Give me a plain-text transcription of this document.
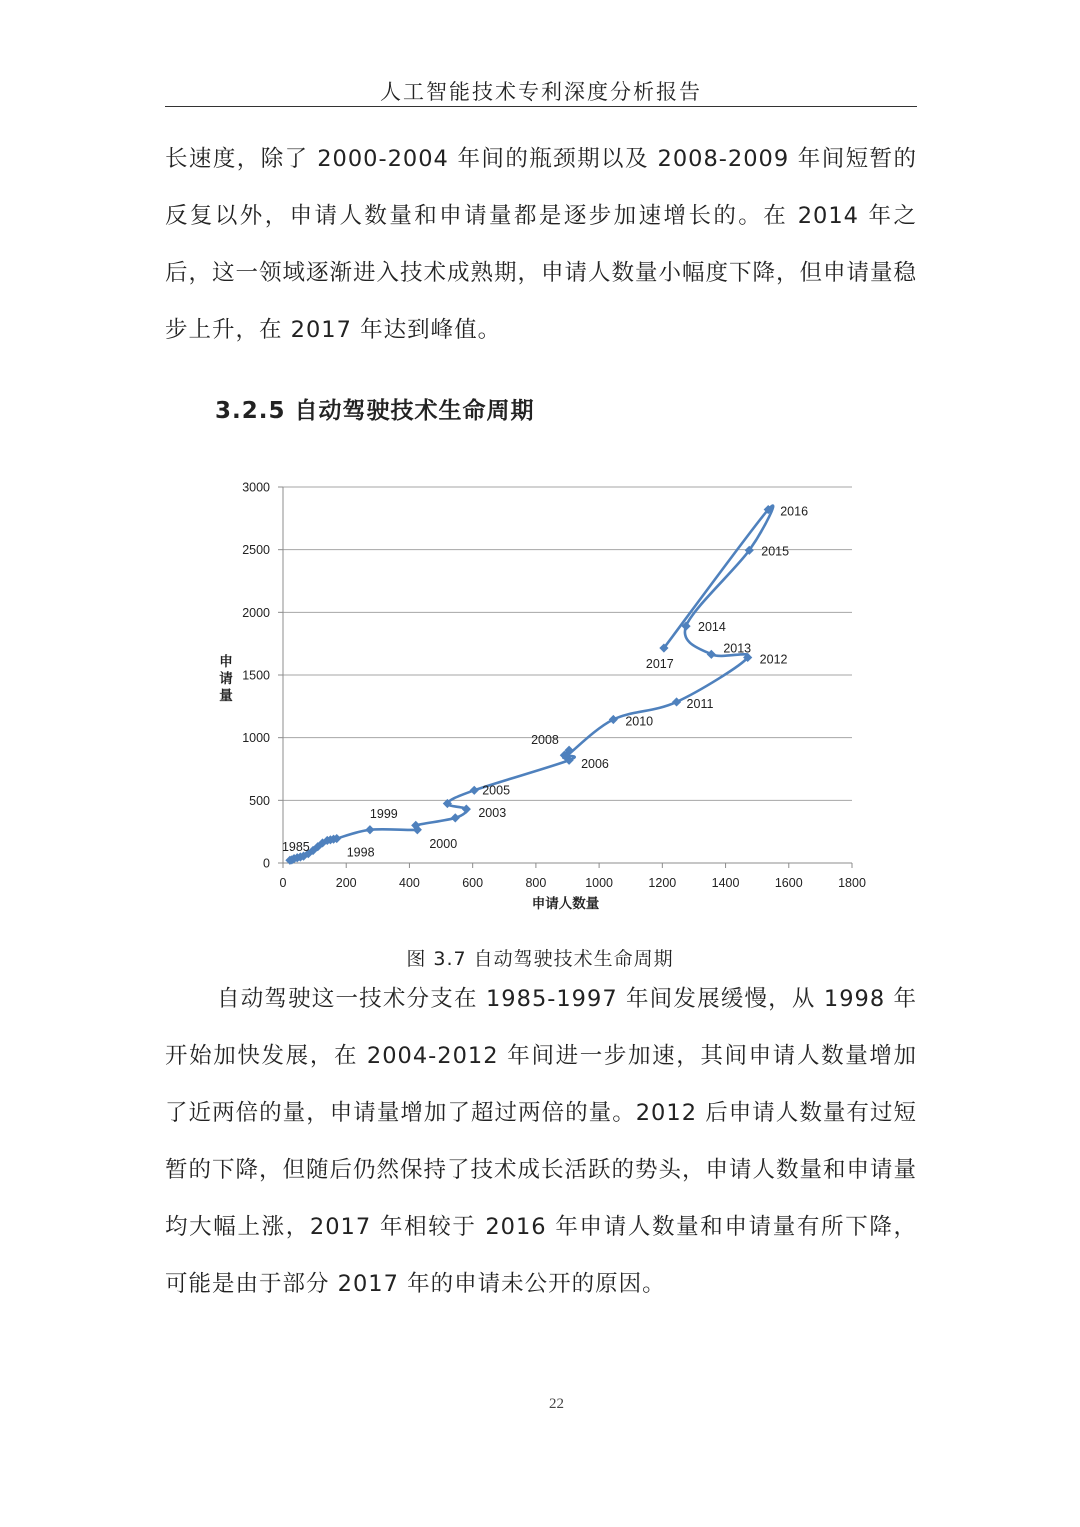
人工智能技术专利深度分析报告

长速度，除了 2000-2004 年间的瓶颈期以及 2008-2009 年间短暂的反复以外，申请人数量和申请量都是逐步加速增长的。在 2014 年之后，这一领域逐渐进入技术成熟期，申请人数量小幅度下降，但申请量稳步上升，在 2017 年达到峰值。

3.2.5 自动驾驶技术生命周期
0
500
1000
1500
2000
2500
3000
0	200	400	600	800	1000	1200	1400	1600	1800
申请人数量
申
请
量
1985	1998
1999
2000
2003
2005
2006
2008
2010
2011
2012
2013
2014
2015
2016
2017
图 3.7 自动驾驶技术生命周期

自动驾驶这一技术分支在 1985-1997 年间发展缓慢，从 1998 年开始加快发展，在 2004-2012 年间进一步加速，其间申请人数量增加了近两倍的量，申请量增加了超过两倍的量。2012 后申请人数量有过短暂的下降，但随后仍然保持了技术成长活跃的势头，申请人数量和申请量均大幅上涨，2017 年相较于 2016 年申请人数量和申请量有所下降，可能是由于部分 2017 年的申请未公开的原因。

22
